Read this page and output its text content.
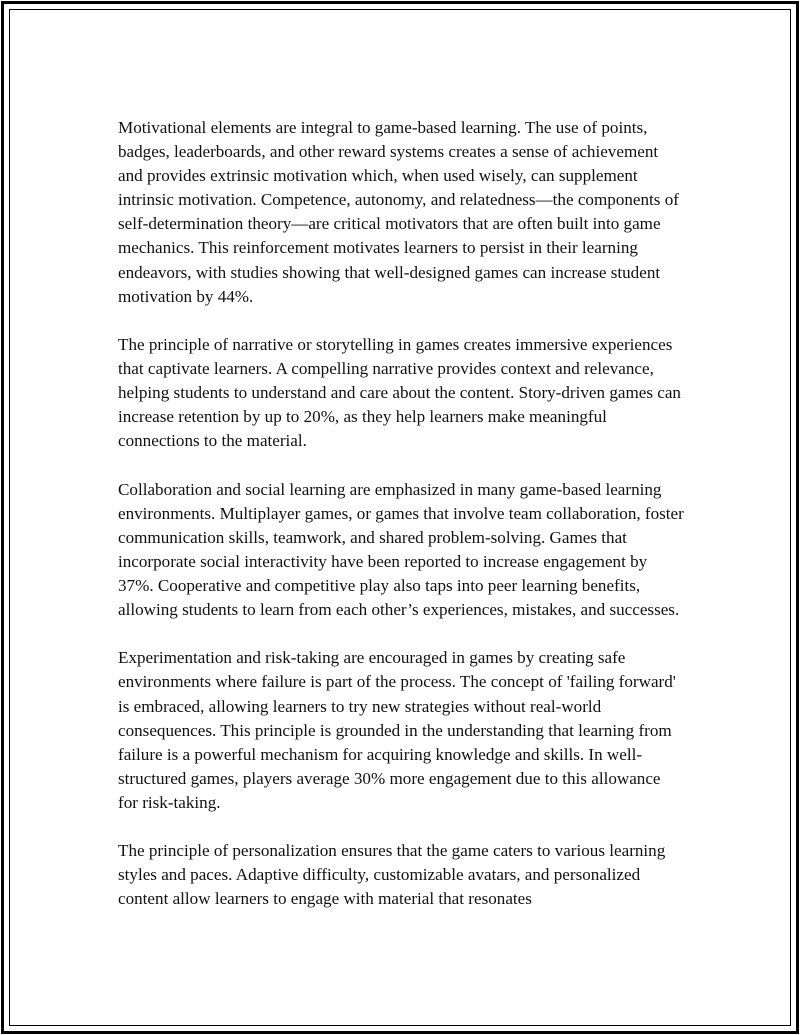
Motivational elements are integral to game-based learning. The use of points, badges, leaderboards, and other reward systems creates a sense of achievement and provides extrinsic motivation which, when used wisely, can supplement intrinsic motivation. Competence, autonomy, and relatedness—the components of self-determination theory—are critical motivators that are often built into game mechanics. This reinforcement motivates learners to persist in their learning endeavors, with studies showing that well-designed games can increase student motivation by 44%.

The principle of narrative or storytelling in games creates immersive experiences that captivate learners. A compelling narrative provides context and relevance, helping students to understand and care about the content. Story-driven games can increase retention by up to 20%, as they help learners make meaningful connections to the material.

Collaboration and social learning are emphasized in many game-based learning environments. Multiplayer games, or games that involve team collaboration, foster communication skills, teamwork, and shared problem-solving. Games that incorporate social interactivity have been reported to increase engagement by 37%. Cooperative and competitive play also taps into peer learning benefits, allowing students to learn from each other’s experiences, mistakes, and successes.

Experimentation and risk-taking are encouraged in games by creating safe environments where failure is part of the process. The concept of 'failing forward' is embraced, allowing learners to try new strategies without real-world consequences. This principle is grounded in the understanding that learning from failure is a powerful mechanism for acquiring knowledge and skills. In well-structured games, players average 30% more engagement due to this allowance for risk-taking.

The principle of personalization ensures that the game caters to various learning styles and paces. Adaptive difficulty, customizable avatars, and personalized content allow learners to engage with material that resonates
